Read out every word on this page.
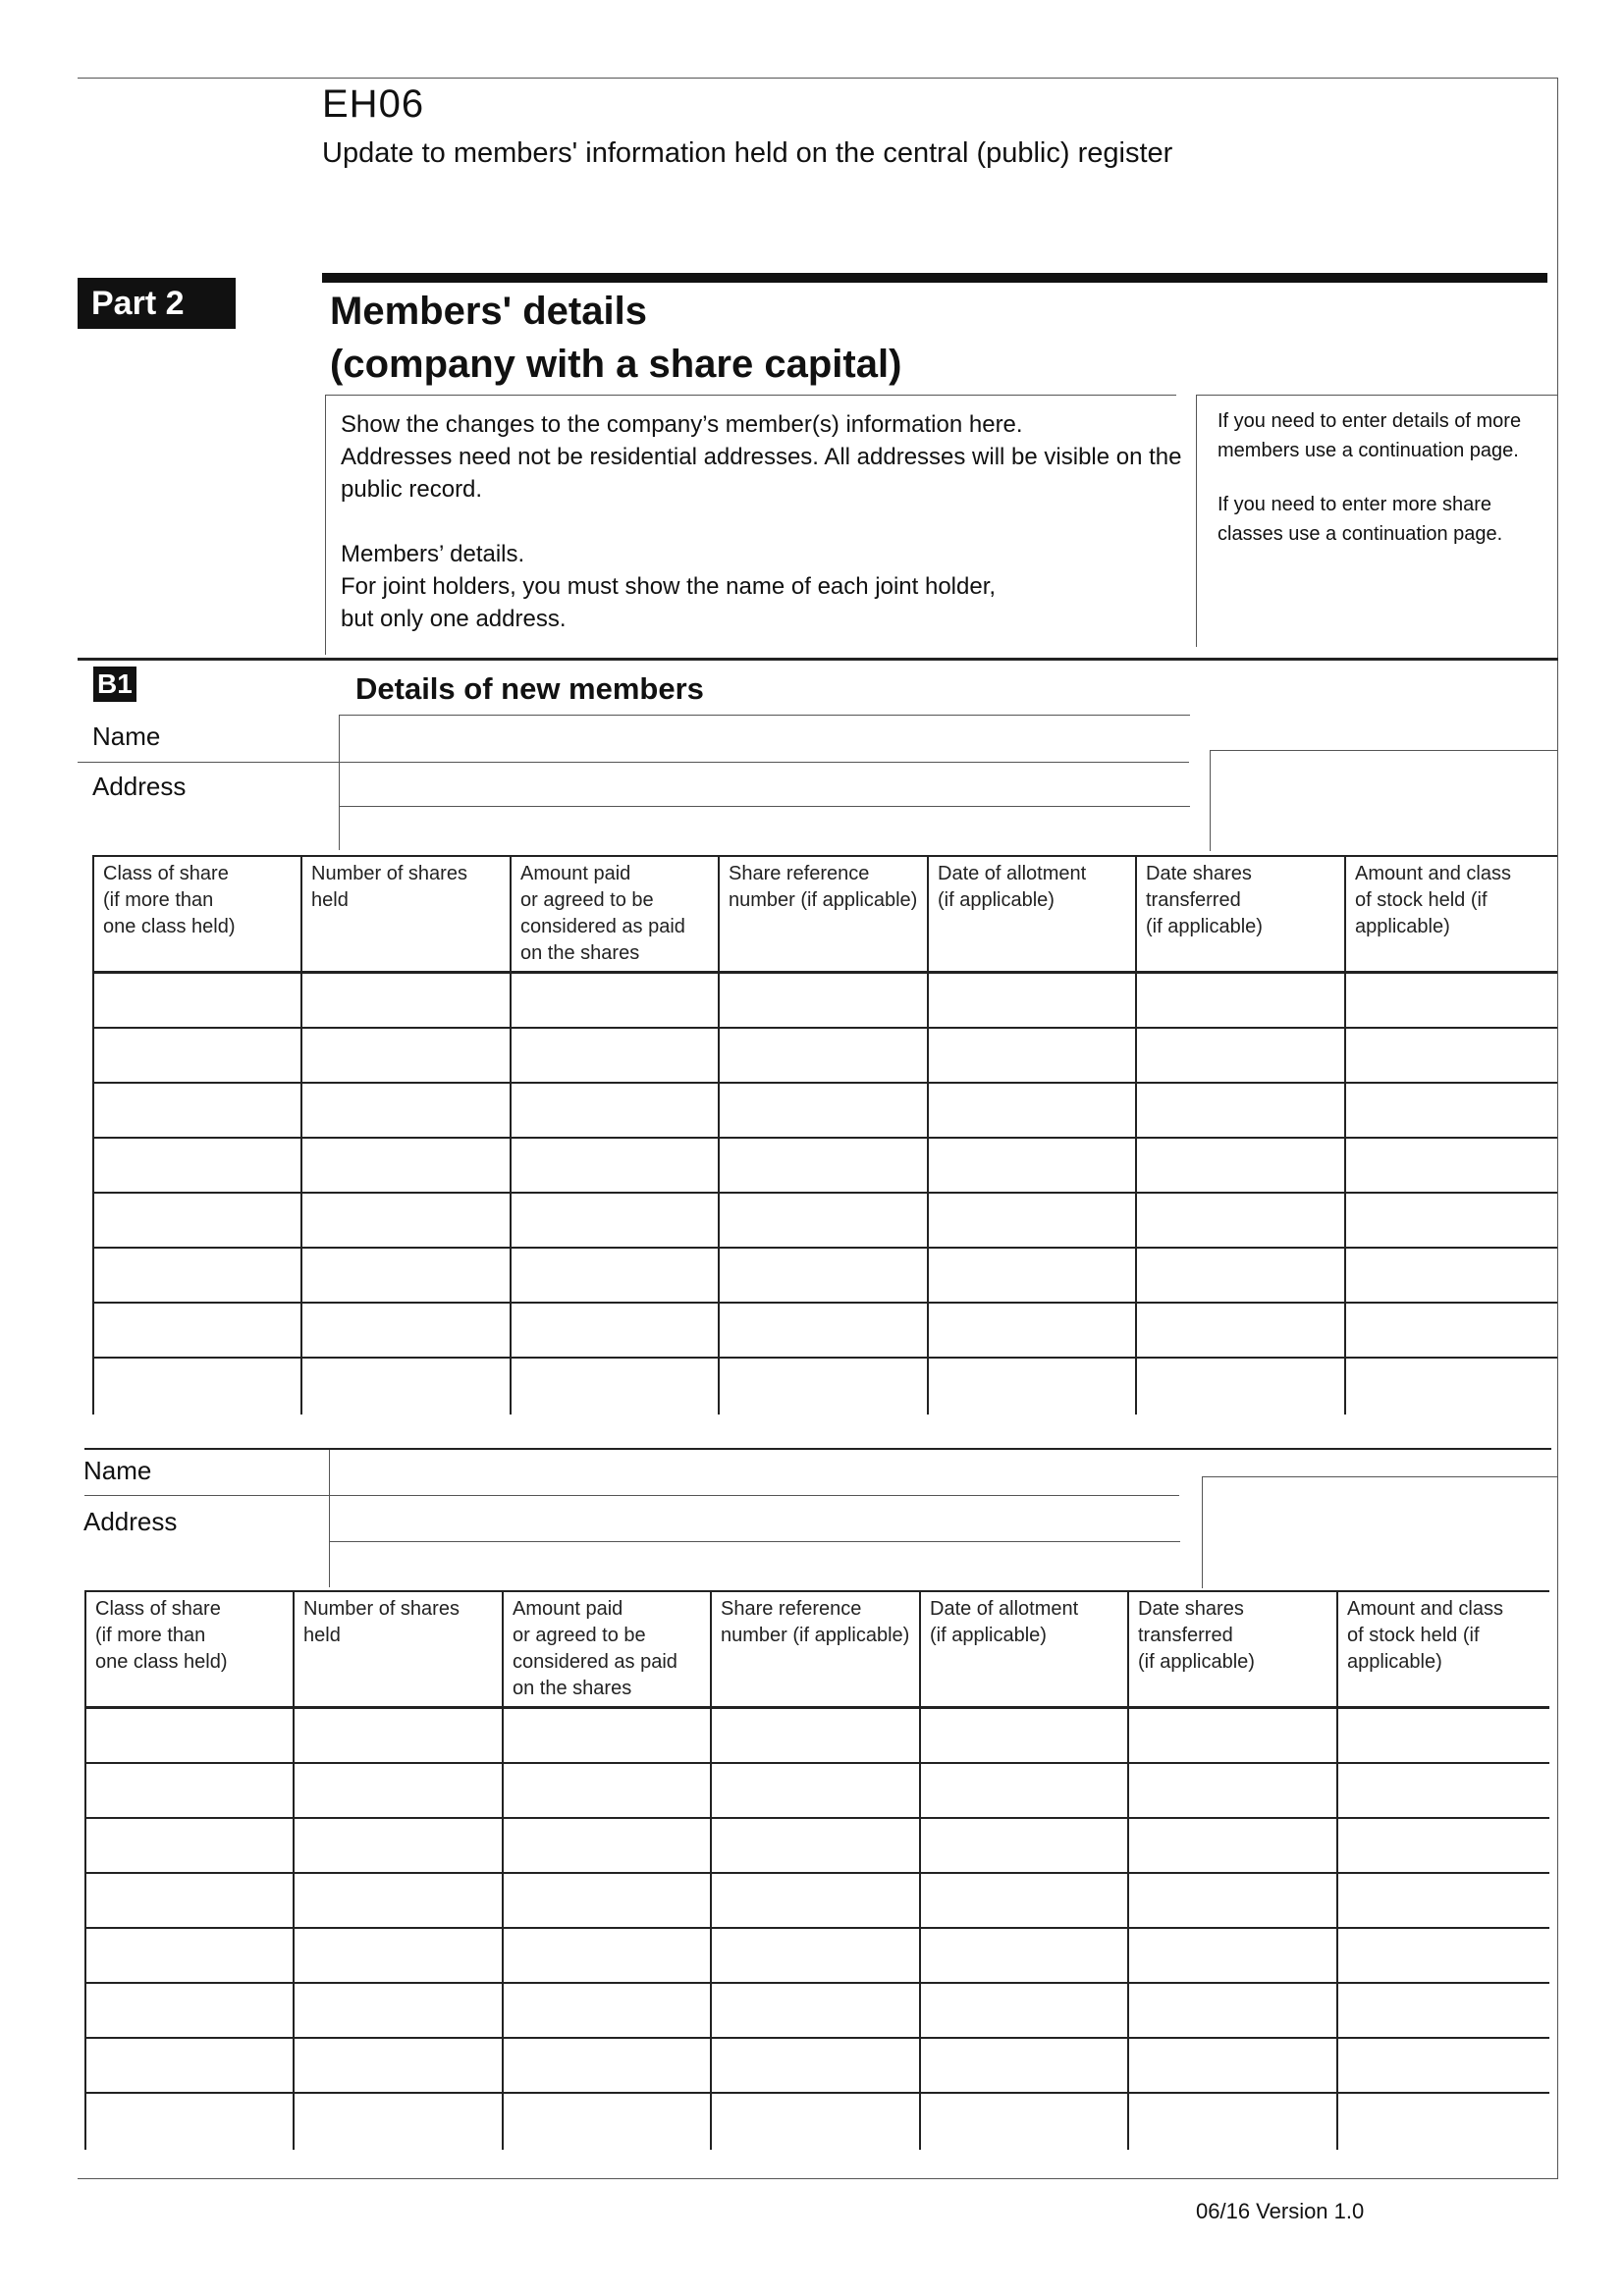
EH06
Update to members' information held on the central (public) register
Part 2	Members' details
(company with a share capital)
Show the changes to the company’s member(s) information here.
Addresses need not be residential addresses. All addresses will be visible on the
public record.
Members’ details.
For joint holders, you must show the name of each joint holder,
but only one address.
If you need to enter details of more
members use a continuation page.
If you need to enter more share
classes use a continuation page.
B1	Details of new members
Name
Address
Class of share
(if more than
one class held)
Number of shares
held
Amount paid
or agreed to be
considered as paid
on the shares
Share reference
number (if applicable)
Date of allotment
(if applicable)
Date shares
transferred
(if applicable)
Amount and class
of stock held (if
applicable)
Name
Address
Class of share
(if more than
one class held)
Number of shares
held
Amount paid
or agreed to be
considered as paid
on the shares
Share reference
number (if applicable)
Date of allotment
(if applicable)
Date shares
transferred
(if applicable)
Amount and class
of stock held (if
applicable)
06/16 Version 1.0
